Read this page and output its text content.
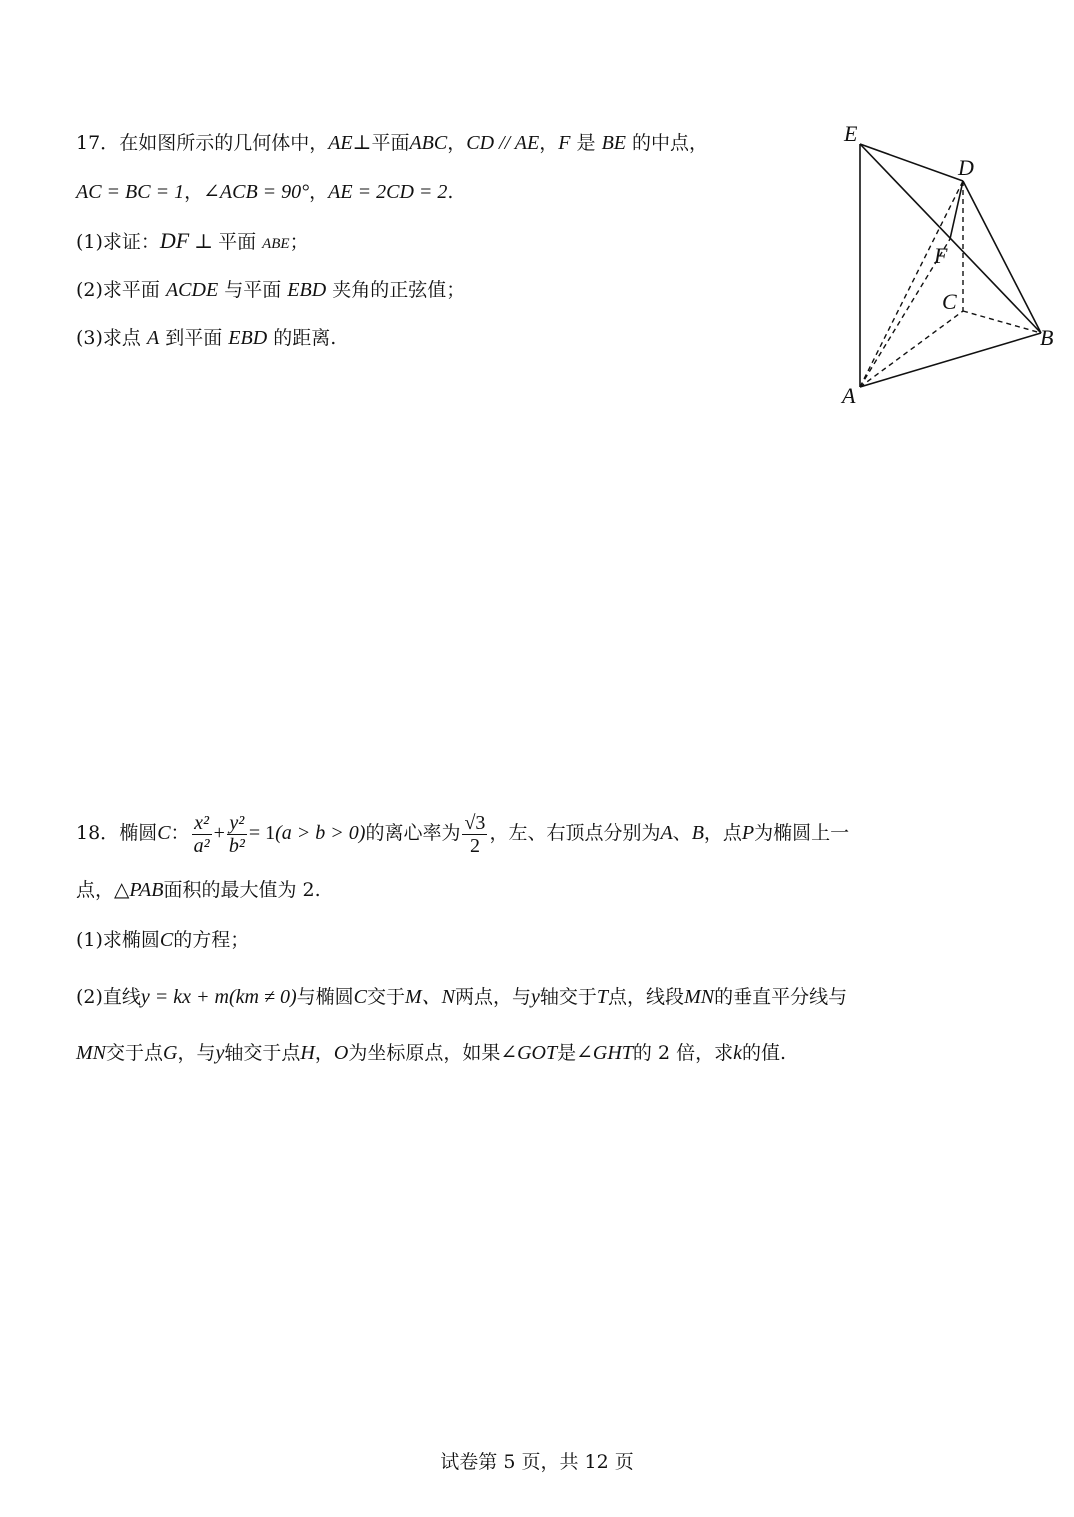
17．在如图所示的几何体中，AE⊥平面ABC，CD // AE，F 是 BE 的中点，
AC = BC = 1，∠ACB = 90°，AE = 2CD = 2.
(1)求证：DF ⊥ 平面 ABE；
(2)求平面 ACDE 与平面 EBD 夹角的正弦值；
(3)求点 A 到平面 EBD 的距离.
E
D
F
C
B
A
18．椭圆C： $\frac{\text{x²}}{\text{a²}} + \frac{\text{y²}}{\text{b²}} = 1(a > b > 0)$的离心率为 $\frac{√3}{2}$ ，左、右顶点分别为A、B，点P为椭圆上一
点，△PAB面积的最大值为 2.
(1)求椭圆C的方程；
(2)直线y = kx + m(km ≠ 0)与椭圆C交于M、N两点，与y轴交于T点，线段MN的垂直平分线与
MN交于点G，与y轴交于点H，O为坐标原点，如果∠GOT是∠GHT的 2 倍，求k的值.
试卷第 5 页，共 12 页
